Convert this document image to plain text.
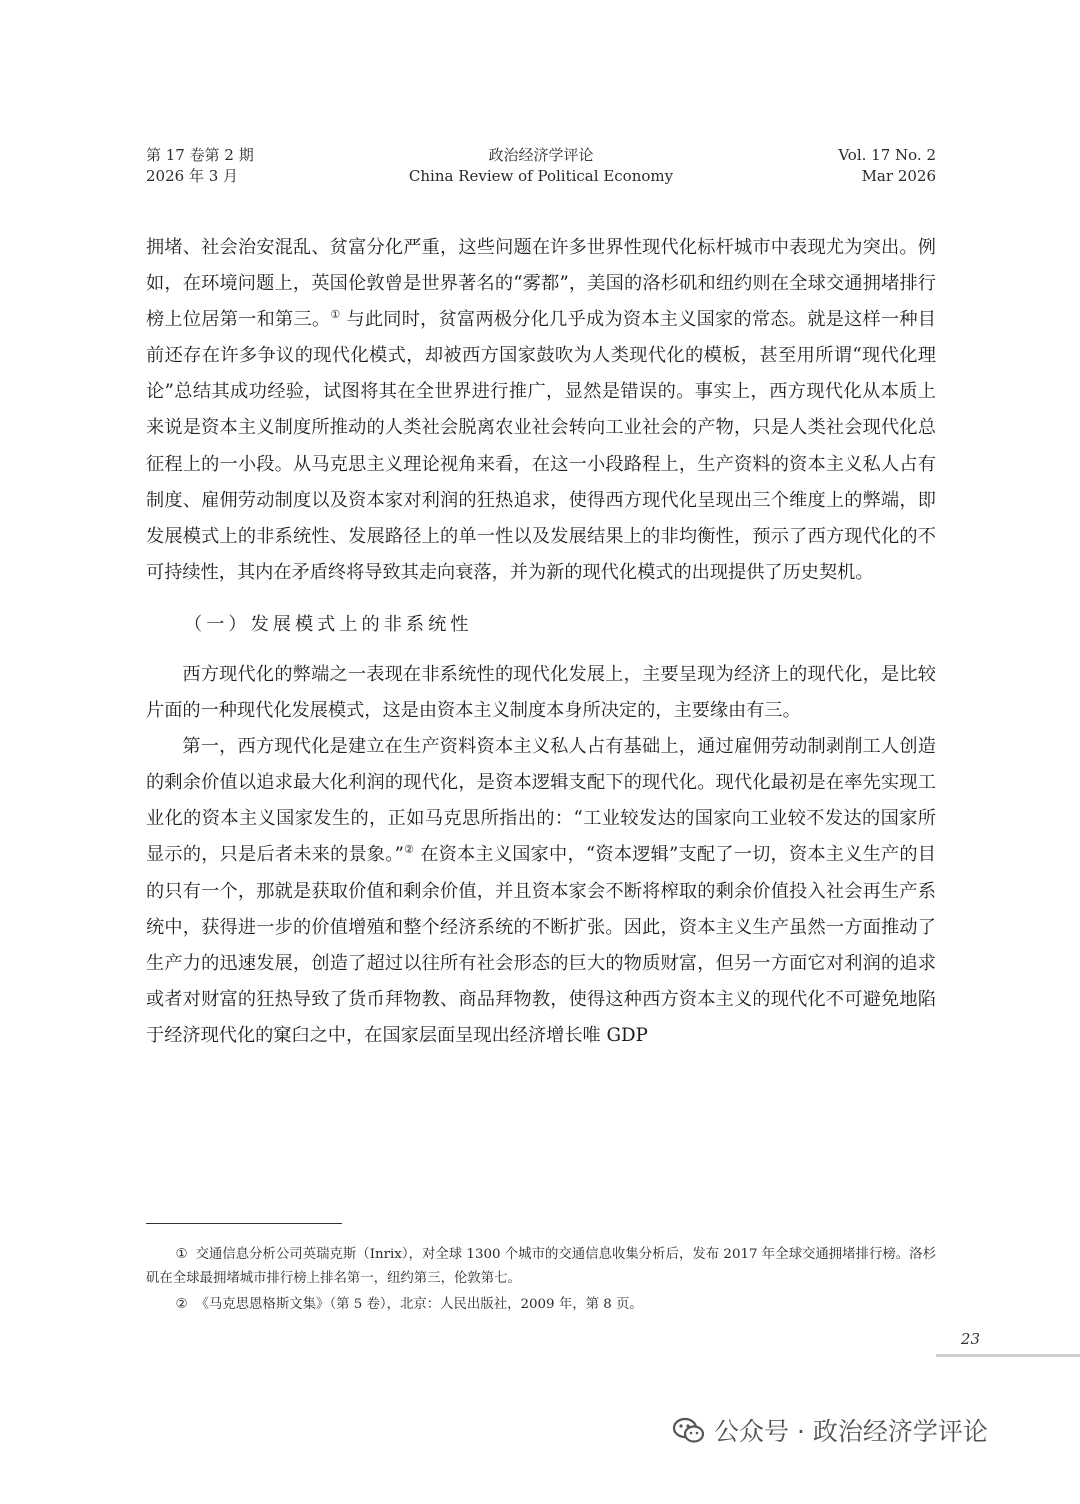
第 17 卷第 2 期
2026 年 3 月
政治经济学评论
China Review of Political Economy
Vol. 17 No. 2
Mar 2026

拥堵、社会治安混乱、贫富分化严重，这些问题在许多世界性现代化标杆城市中表现尤为突出。例如，在环境问题上，英国伦敦曾是世界著名的“雾都”，美国的洛杉矶和纽约则在全球交通拥堵排行榜上位居第一和第三。① 与此同时，贫富两极分化几乎成为资本主义国家的常态。就是这样一种目前还存在许多争议的现代化模式，却被西方国家鼓吹为人类现代化的模板，甚至用所谓“现代化理论”总结其成功经验，试图将其在全世界进行推广，显然是错误的。事实上，西方现代化从本质上来说是资本主义制度所推动的人类社会脱离农业社会转向工业社会的产物，只是人类社会现代化总征程上的一小段。从马克思主义理论视角来看，在这一小段路程上，生产资料的资本主义私人占有制度、雇佣劳动制度以及资本家对利润的狂热追求，使得西方现代化呈现出三个维度上的弊端，即发展模式上的非系统性、发展路径上的单一性以及发展结果上的非均衡性，预示了西方现代化的不可持续性，其内在矛盾终将导致其走向衰落，并为新的现代化模式的出现提供了历史契机。

（一）发展模式上的非系统性

西方现代化的弊端之一表现在非系统性的现代化发展上，主要呈现为经济上的现代化，是比较片面的一种现代化发展模式，这是由资本主义制度本身所决定的，主要缘由有三。

第一，西方现代化是建立在生产资料资本主义私人占有基础上，通过雇佣劳动制剥削工人创造的剩余价值以追求最大化利润的现代化，是资本逻辑支配下的现代化。现代化最初是在率先实现工业化的资本主义国家发生的，正如马克思所指出的：“工业较发达的国家向工业较不发达的国家所显示的，只是后者未来的景象。”② 在资本主义国家中，“资本逻辑”支配了一切，资本主义生产的目的只有一个，那就是获取价值和剩余价值，并且资本家会不断将榨取的剩余价值投入社会再生产系统中，获得进一步的价值增殖和整个经济系统的不断扩张。因此，资本主义生产虽然一方面推动了生产力的迅速发展，创造了超过以往所有社会形态的巨大的物质财富，但另一方面它对利润的追求或者对财富的狂热导致了货币拜物教、商品拜物教，使得这种西方资本主义的现代化不可避免地陷于经济现代化的窠臼之中，在国家层面呈现出经济增长唯 GDP

① 交通信息分析公司英瑞克斯（Inrix），对全球 1300 个城市的交通信息收集分析后，发布 2017 年全球交通拥堵排行榜。洛杉矶在全球最拥堵城市排行榜上排名第一，纽约第三，伦敦第七。

② 《马克思恩格斯文集》（第 5 卷），北京：人民出版社，2009 年，第 8 页。

23
公众号 · 政治经济学评论
